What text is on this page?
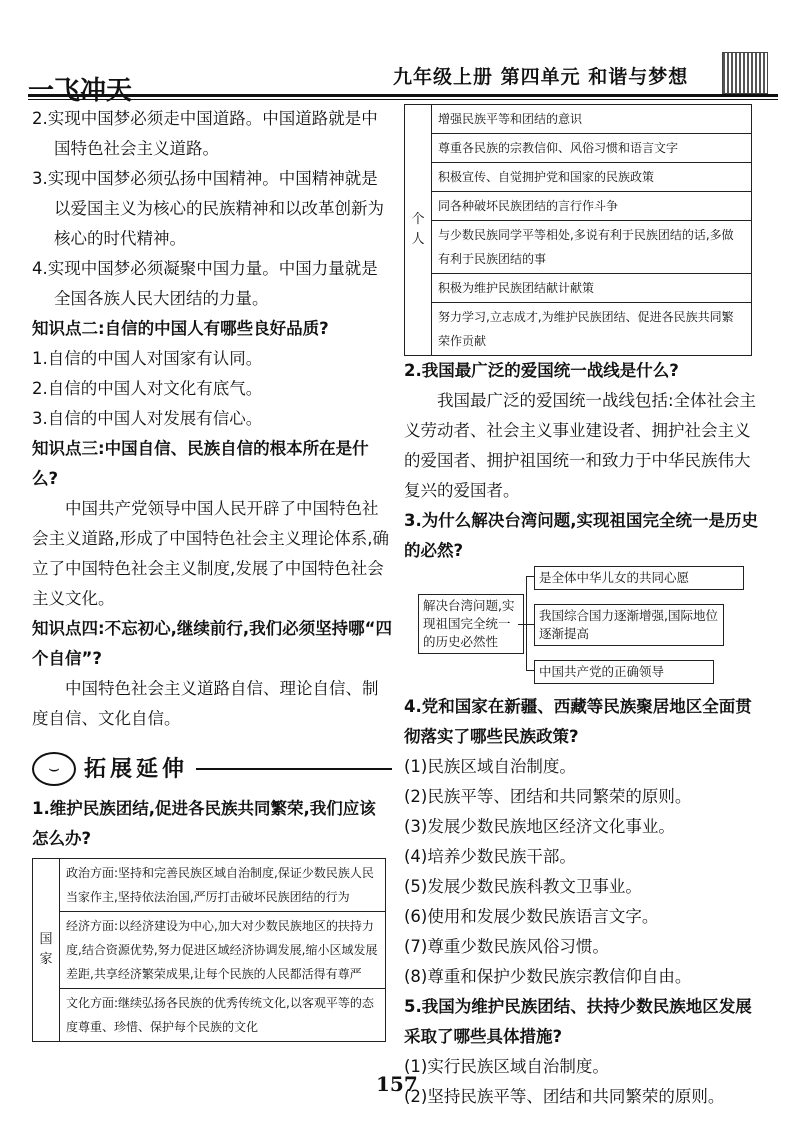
一飞冲天	九年级上册 第四单元 和谐与梦想

2.实现中国梦必须走中国道路。中国道路就是中国特色社会主义道路。

3.实现中国梦必须弘扬中国精神。中国精神就是以爱国主义为核心的民族精神和以改革创新为核心的时代精神。

4.实现中国梦必须凝聚中国力量。中国力量就是全国各族人民大团结的力量。

知识点二:自信的中国人有哪些良好品质?

1.自信的中国人对国家有认同。

2.自信的中国人对文化有底气。

3.自信的中国人对发展有信心。

知识点三:中国自信、民族自信的根本所在是什么?

中国共产党领导中国人民开辟了中国特色社会主义道路,形成了中国特色社会主义理论体系,确立了中国特色社会主义制度,发展了中国特色社会主义文化。

知识点四:不忘初心,继续前行,我们必须坚持哪“四个自信”?

中国特色社会主义道路自信、理论自信、制度自信、文化自信。

⌣	拓展延伸

1.维护民族团结,促进各民族共同繁荣,我们应该怎么办?

国家	政治方面:坚持和完善民族区域自治制度,保证少数民族人民当家作主,坚持依法治国,严厉打击破坏民族团结的行为
经济方面:以经济建设为中心,加大对少数民族地区的扶持力度,结合资源优势,努力促进区域经济协调发展,缩小区域发展差距,共享经济繁荣成果,让每个民族的人民都活得有尊严
文化方面:继续弘扬各民族的优秀传统文化,以客观平等的态度尊重、珍惜、保护每个民族的文化
个人	增强民族平等和团结的意识
尊重各民族的宗教信仰、风俗习惯和语言文字
积极宣传、自觉拥护党和国家的民族政策
同各种破坏民族团结的言行作斗争
与少数民族同学平等相处,多说有利于民族团结的话,多做有利于民族团结的事
积极为维护民族团结献计献策
努力学习,立志成才,为维护民族团结、促进各民族共同繁荣作贡献

2.我国最广泛的爱国统一战线是什么?

我国最广泛的爱国统一战线包括:全体社会主义劳动者、社会主义事业建设者、拥护社会主义的爱国者、拥护祖国统一和致力于中华民族伟大复兴的爱国者。

3.为什么解决台湾问题,实现祖国完全统一是历史的必然?

解决台湾问题,实现祖国完全统一的历史必然性
是全体中华儿女的共同心愿
我国综合国力逐渐增强,国际地位逐渐提高
中国共产党的正确领导

4.党和国家在新疆、西藏等民族聚居地区全面贯彻落实了哪些民族政策?

(1)民族区域自治制度。

(2)民族平等、团结和共同繁荣的原则。

(3)发展少数民族地区经济文化事业。

(4)培养少数民族干部。

(5)发展少数民族科教文卫事业。

(6)使用和发展少数民族语言文字。

(7)尊重少数民族风俗习惯。

(8)尊重和保护少数民族宗教信仰自由。

5.我国为维护民族团结、扶持少数民族地区发展采取了哪些具体措施?

(1)实行民族区域自治制度。

(2)坚持民族平等、团结和共同繁荣的原则。

157
